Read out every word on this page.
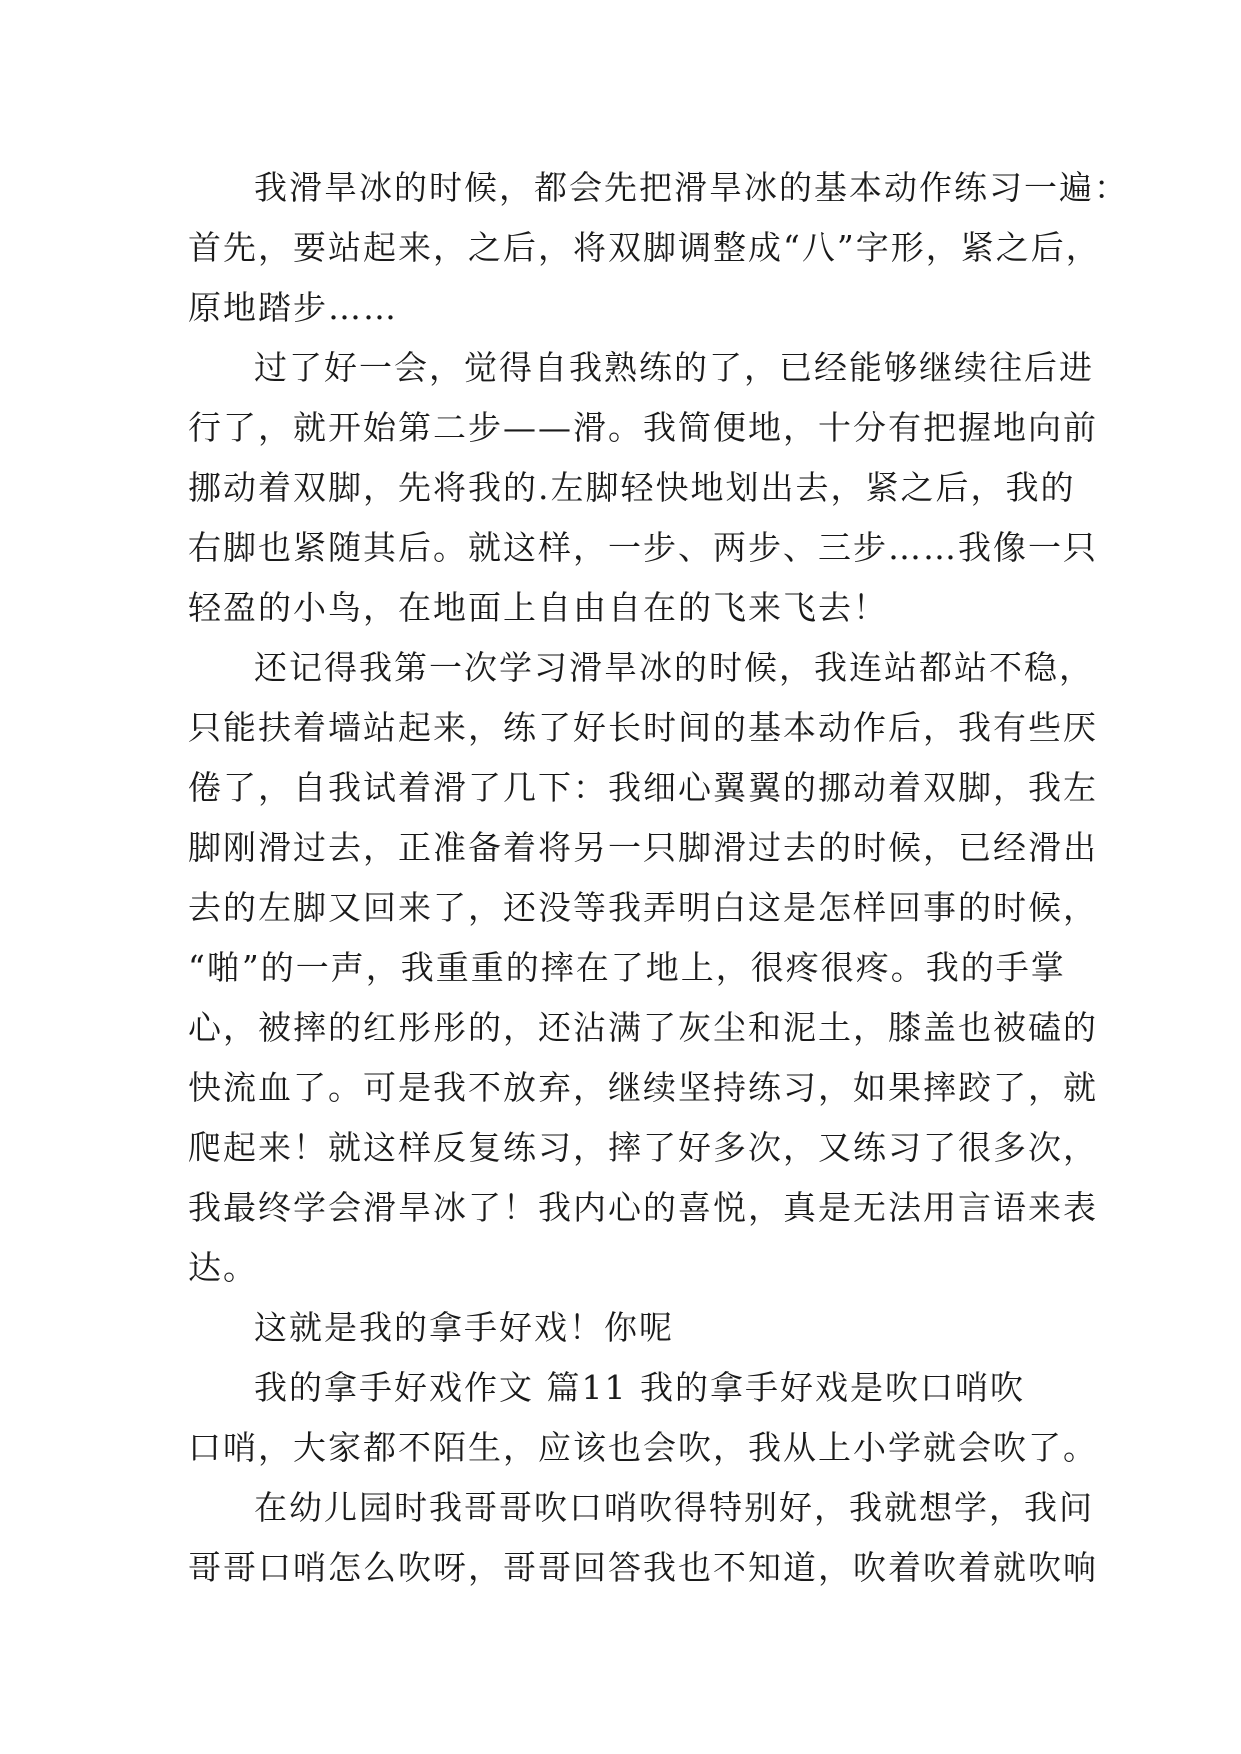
我滑旱冰的时候，都会先把滑旱冰的基本动作练习一遍：
首先，要站起来，之后，将双脚调整成“八”字形，紧之后，
原地踏步……
过了好一会，觉得自我熟练的了，已经能够继续往后进
行了，就开始第二步——滑。我简便地，十分有把握地向前
挪动着双脚，先将我的.左脚轻快地划出去，紧之后，我的
右脚也紧随其后。就这样，一步、两步、三步……我像一只
轻盈的小鸟，在地面上自由自在的飞来飞去！
还记得我第一次学习滑旱冰的时候，我连站都站不稳，
只能扶着墙站起来，练了好长时间的基本动作后，我有些厌
倦了，自我试着滑了几下：我细心翼翼的挪动着双脚，我左
脚刚滑过去，正准备着将另一只脚滑过去的时候，已经滑出
去的左脚又回来了，还没等我弄明白这是怎样回事的时候，
“啪”的一声，我重重的摔在了地上，很疼很疼。我的手掌
心，被摔的红彤彤的，还沾满了灰尘和泥土，膝盖也被磕的
快流血了。可是我不放弃，继续坚持练习，如果摔跤了，就
爬起来！就这样反复练习，摔了好多次，又练习了很多次，
我最终学会滑旱冰了！我内心的喜悦，真是无法用言语来表
达。
这就是我的拿手好戏！你呢
我的拿手好戏作文 篇11 我的拿手好戏是吹口哨吹
口哨，大家都不陌生，应该也会吹，我从上小学就会吹了。
在幼儿园时我哥哥吹口哨吹得特别好，我就想学，我问
哥哥口哨怎么吹呀，哥哥回答我也不知道，吹着吹着就吹响
